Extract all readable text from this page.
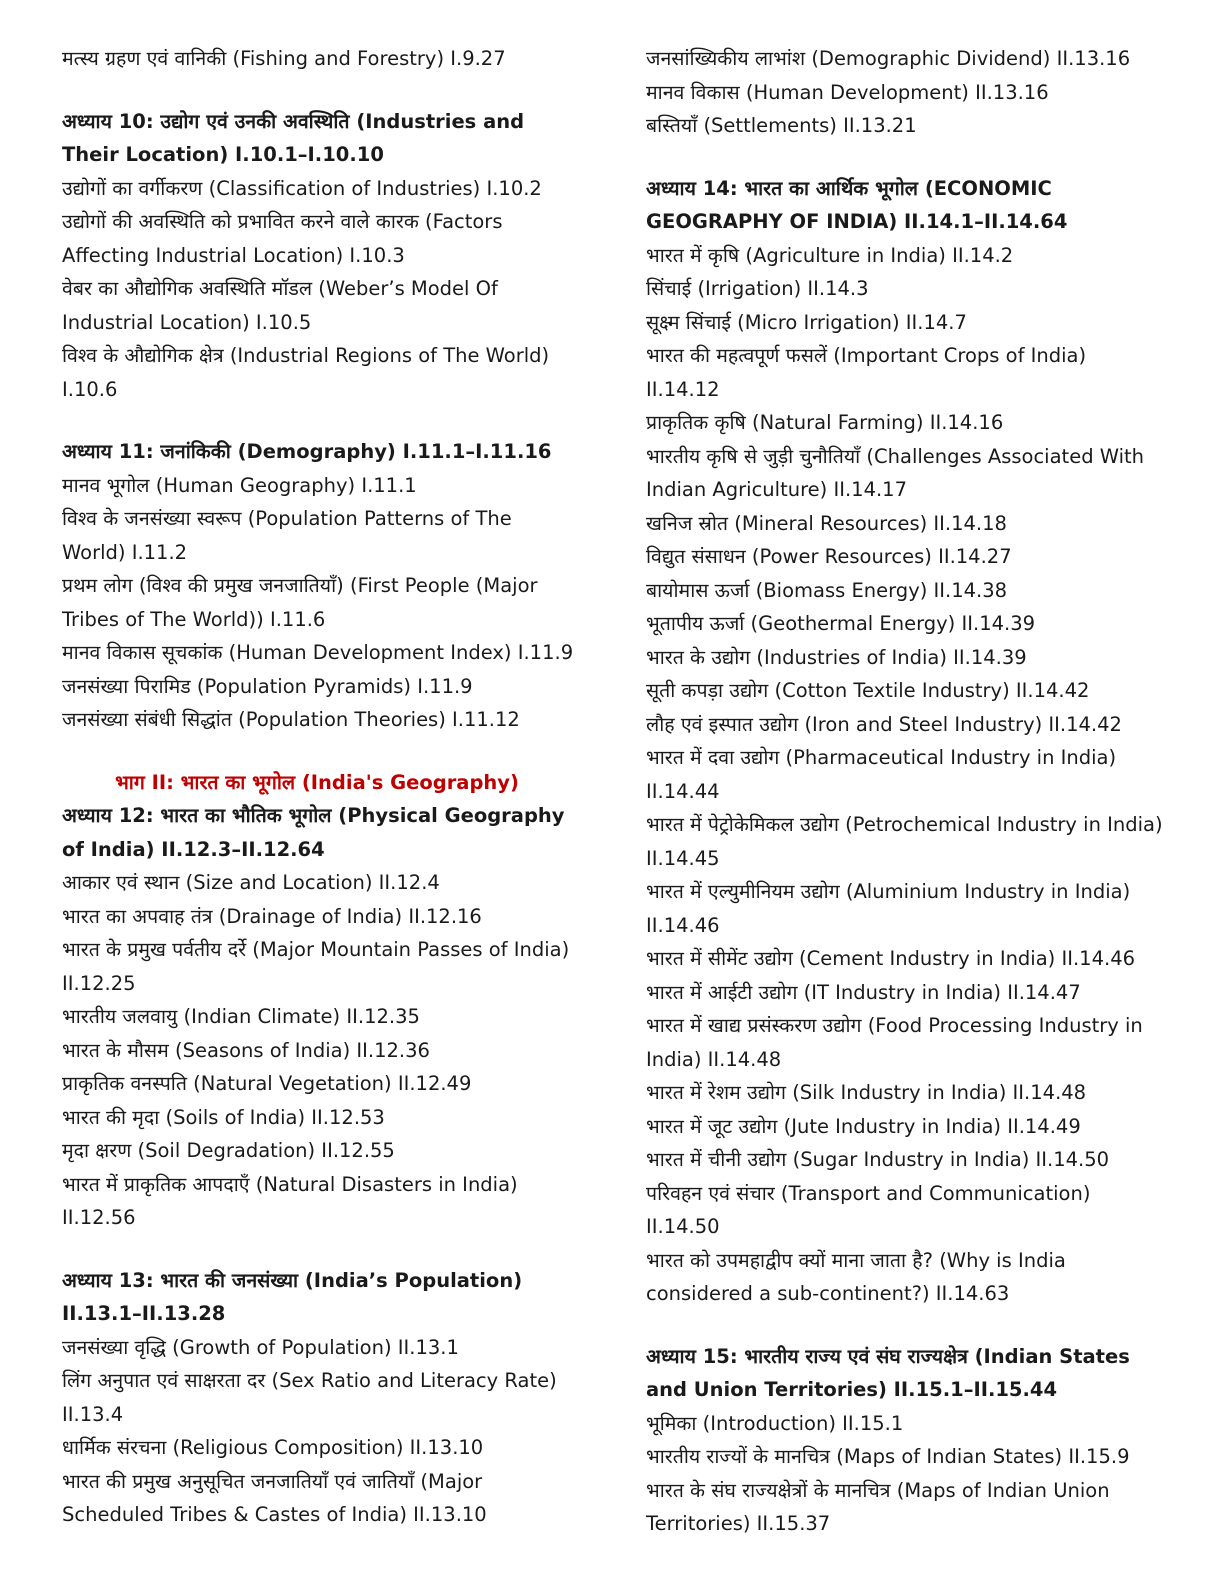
मत्स्य ग्रहण एवं वानिकी (Fishing and Forestry) I.9.27
अध्याय 10: उद्योग एवं उनकी अवस्थिति (Industries and
Their Location) I.10.1–I.10.10
उद्योगों का वर्गीकरण (Classification of Industries) I.10.2
उद्योगों की अवस्थिति को प्रभावित करने वाले कारक (Factors
Affecting Industrial Location) I.10.3
वेबर का औद्योगिक अवस्थिति मॉडल (Weber’s Model Of
Industrial Location) I.10.5
विश्व के औद्योगिक क्षेत्र (Industrial Regions of The World)
I.10.6
अध्याय 11: जनांकिकी (Demography) I.11.1–I.11.16
मानव भूगोल (Human Geography) I.11.1
विश्व के जनसंख्या स्वरूप (Population Patterns of The
World) I.11.2
प्रथम लोग (विश्व की प्रमुख जनजातियाँ) (First People (Major
Tribes of The World)) I.11.6
मानव विकास सूचकांक (Human Development Index) I.11.9
जनसंख्या पिरामिड (Population Pyramids) I.11.9
जनसंख्या संबंधी सिद्धांत (Population Theories) I.11.12
भाग II: भारत का भूगोल (India's Geography)
अध्याय 12: भारत का भौतिक भूगोल (Physical Geography
of India) II.12.3–II.12.64
आकार एवं स्थान (Size and Location) II.12.4
भारत का अपवाह तंत्र (Drainage of India) II.12.16
भारत के प्रमुख पर्वतीय दर्रे (Major Mountain Passes of India)
II.12.25
भारतीय जलवायु (Indian Climate) II.12.35
भारत के मौसम (Seasons of India) II.12.36
प्राकृतिक वनस्पति (Natural Vegetation) II.12.49
भारत की मृदा (Soils of India) II.12.53
मृदा क्षरण (Soil Degradation) II.12.55
भारत में प्राकृतिक आपदाएँ (Natural Disasters in India)
II.12.56
अध्याय 13: भारत की जनसंख्या (India’s Population)
II.13.1–II.13.28
जनसंख्या वृद्धि (Growth of Population) II.13.1
लिंग अनुपात एवं साक्षरता दर (Sex Ratio and Literacy Rate)
II.13.4
धार्मिक संरचना (Religious Composition) II.13.10
भारत की प्रमुख अनुसूचित जनजातियाँ एवं जातियाँ (Major
Scheduled Tribes & Castes of India) II.13.10
जनसांख्यिकीय लाभांश (Demographic Dividend) II.13.16
मानव विकास (Human Development) II.13.16
बस्तियाँ (Settlements) II.13.21
अध्याय 14: भारत का आर्थिक भूगोल (ECONOMIC
GEOGRAPHY OF INDIA) II.14.1–II.14.64
भारत में कृषि (Agriculture in India) II.14.2
सिंचाई (Irrigation) II.14.3
सूक्ष्म सिंचाई (Micro Irrigation) II.14.7
भारत की महत्वपूर्ण फसलें (Important Crops of India)
II.14.12
प्राकृतिक कृषि (Natural Farming) II.14.16
भारतीय कृषि से जुड़ी चुनौतियाँ (Challenges Associated With
Indian Agriculture) II.14.17
खनिज स्रोत (Mineral Resources) II.14.18
विद्युत संसाधन (Power Resources) II.14.27
बायोमास ऊर्जा (Biomass Energy) II.14.38
भूतापीय ऊर्जा (Geothermal Energy) II.14.39
भारत के उद्योग (Industries of India) II.14.39
सूती कपड़ा उद्योग (Cotton Textile Industry) II.14.42
लौह एवं इस्पात उद्योग (Iron and Steel Industry) II.14.42
भारत में दवा उद्योग (Pharmaceutical Industry in India)
II.14.44
भारत में पेट्रोकेमिकल उद्योग (Petrochemical Industry in India)
II.14.45
भारत में एल्युमीनियम उद्योग (Aluminium Industry in India)
II.14.46
भारत में सीमेंट उद्योग (Cement Industry in India) II.14.46
भारत में आईटी उद्योग (IT Industry in India) II.14.47
भारत में खाद्य प्रसंस्करण उद्योग (Food Processing Industry in
India) II.14.48
भारत में रेशम उद्योग (Silk Industry in India) II.14.48
भारत में जूट उद्योग (Jute Industry in India) II.14.49
भारत में चीनी उद्योग (Sugar Industry in India) II.14.50
परिवहन एवं संचार (Transport and Communication)
II.14.50
भारत को उपमहाद्वीप क्यों माना जाता है? (Why is India
considered a sub-continent?) II.14.63
अध्याय 15: भारतीय राज्य एवं संघ राज्यक्षेत्र (Indian States
and Union Territories) II.15.1–II.15.44
भूमिका (Introduction) II.15.1
भारतीय राज्यों के मानचित्र (Maps of Indian States) II.15.9
भारत के संघ राज्यक्षेत्रों के मानचित्र (Maps of Indian Union
Territories) II.15.37
